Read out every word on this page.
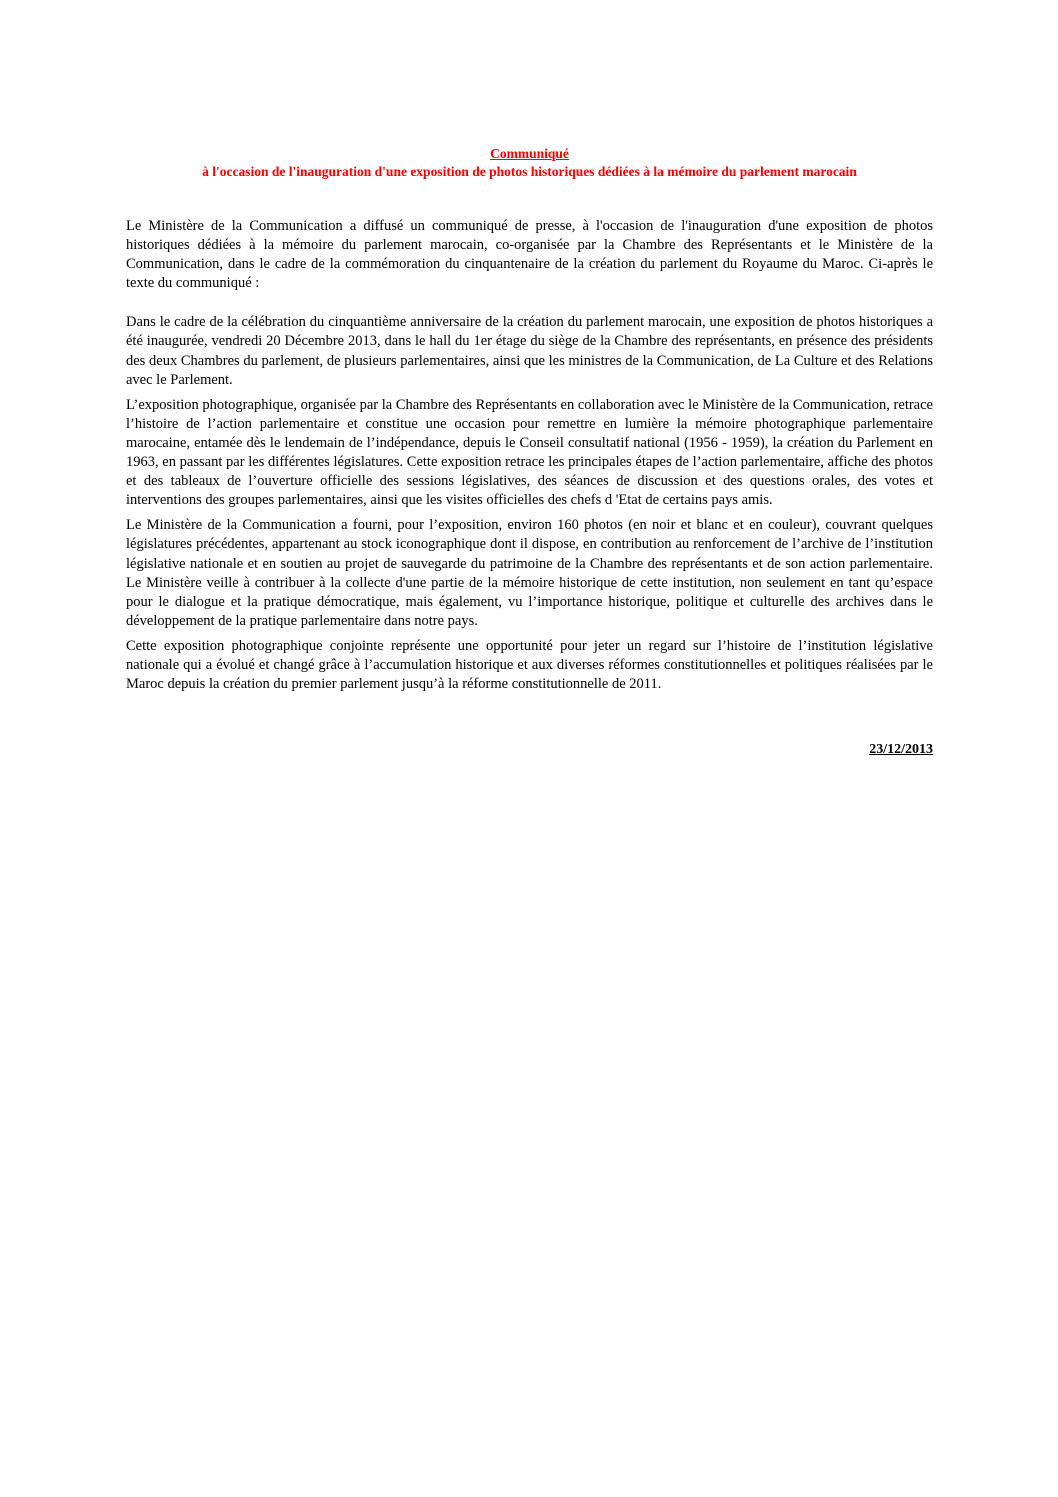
Communiqué
à l'occasion de l'inauguration d'une exposition de photos historiques dédiées à la mémoire du parlement marocain

Le Ministère de la Communication a diffusé un communiqué de presse, à l'occasion de l'inauguration d'une exposition de photos historiques dédiées à la mémoire du parlement marocain, co-organisée par la Chambre des Représentants et le Ministère de la Communication, dans le cadre de la commémoration du cinquantenaire de la création du parlement du Royaume du Maroc. Ci-après le texte du communiqué :

Dans le cadre de la célébration du cinquantième anniversaire de la création du parlement marocain, une exposition de photos historiques a été inaugurée, vendredi 20 Décembre 2013, dans le hall du 1er étage du siège de la Chambre des représentants, en présence des présidents des deux Chambres du parlement, de plusieurs parlementaires, ainsi que les ministres de la Communication, de La Culture et des Relations avec le Parlement.

L’exposition photographique, organisée par la Chambre des Représentants en collaboration avec le Ministère de la Communication, retrace l’histoire de l’action parlementaire et constitue une occasion pour remettre en lumière la mémoire photographique parlementaire marocaine, entamée dès le lendemain de l’indépendance, depuis le Conseil consultatif national (1956 - 1959), la création du Parlement en 1963, en passant par les différentes législatures. Cette exposition retrace les principales étapes de l’action parlementaire, affiche des photos et des tableaux de l’ouverture officielle des sessions législatives, des séances de discussion et des questions orales, des votes et interventions des groupes parlementaires, ainsi que les visites officielles des chefs d 'Etat de certains pays amis.

Le Ministère de la Communication a fourni, pour l’exposition, environ 160 photos (en noir et blanc et en couleur), couvrant quelques législatures précédentes, appartenant au stock iconographique dont il dispose, en contribution au renforcement de l’archive de l’institution législative nationale et en soutien au projet de sauvegarde du patrimoine de la Chambre des représentants et de son action parlementaire. Le Ministère veille à contribuer à la collecte d'une partie de la mémoire historique de cette institution, non seulement en tant qu’espace pour le dialogue et la pratique démocratique, mais également, vu l’importance historique, politique et culturelle des archives dans le développement de la pratique parlementaire dans notre pays.

Cette exposition photographique conjointe représente une opportunité pour jeter un regard sur l’histoire de l’institution législative nationale qui a évolué et changé grâce à l’accumulation historique et aux diverses réformes constitutionnelles et politiques réalisées par le Maroc depuis la création du premier parlement jusqu’à la réforme constitutionnelle de 2011.

23/12/2013
